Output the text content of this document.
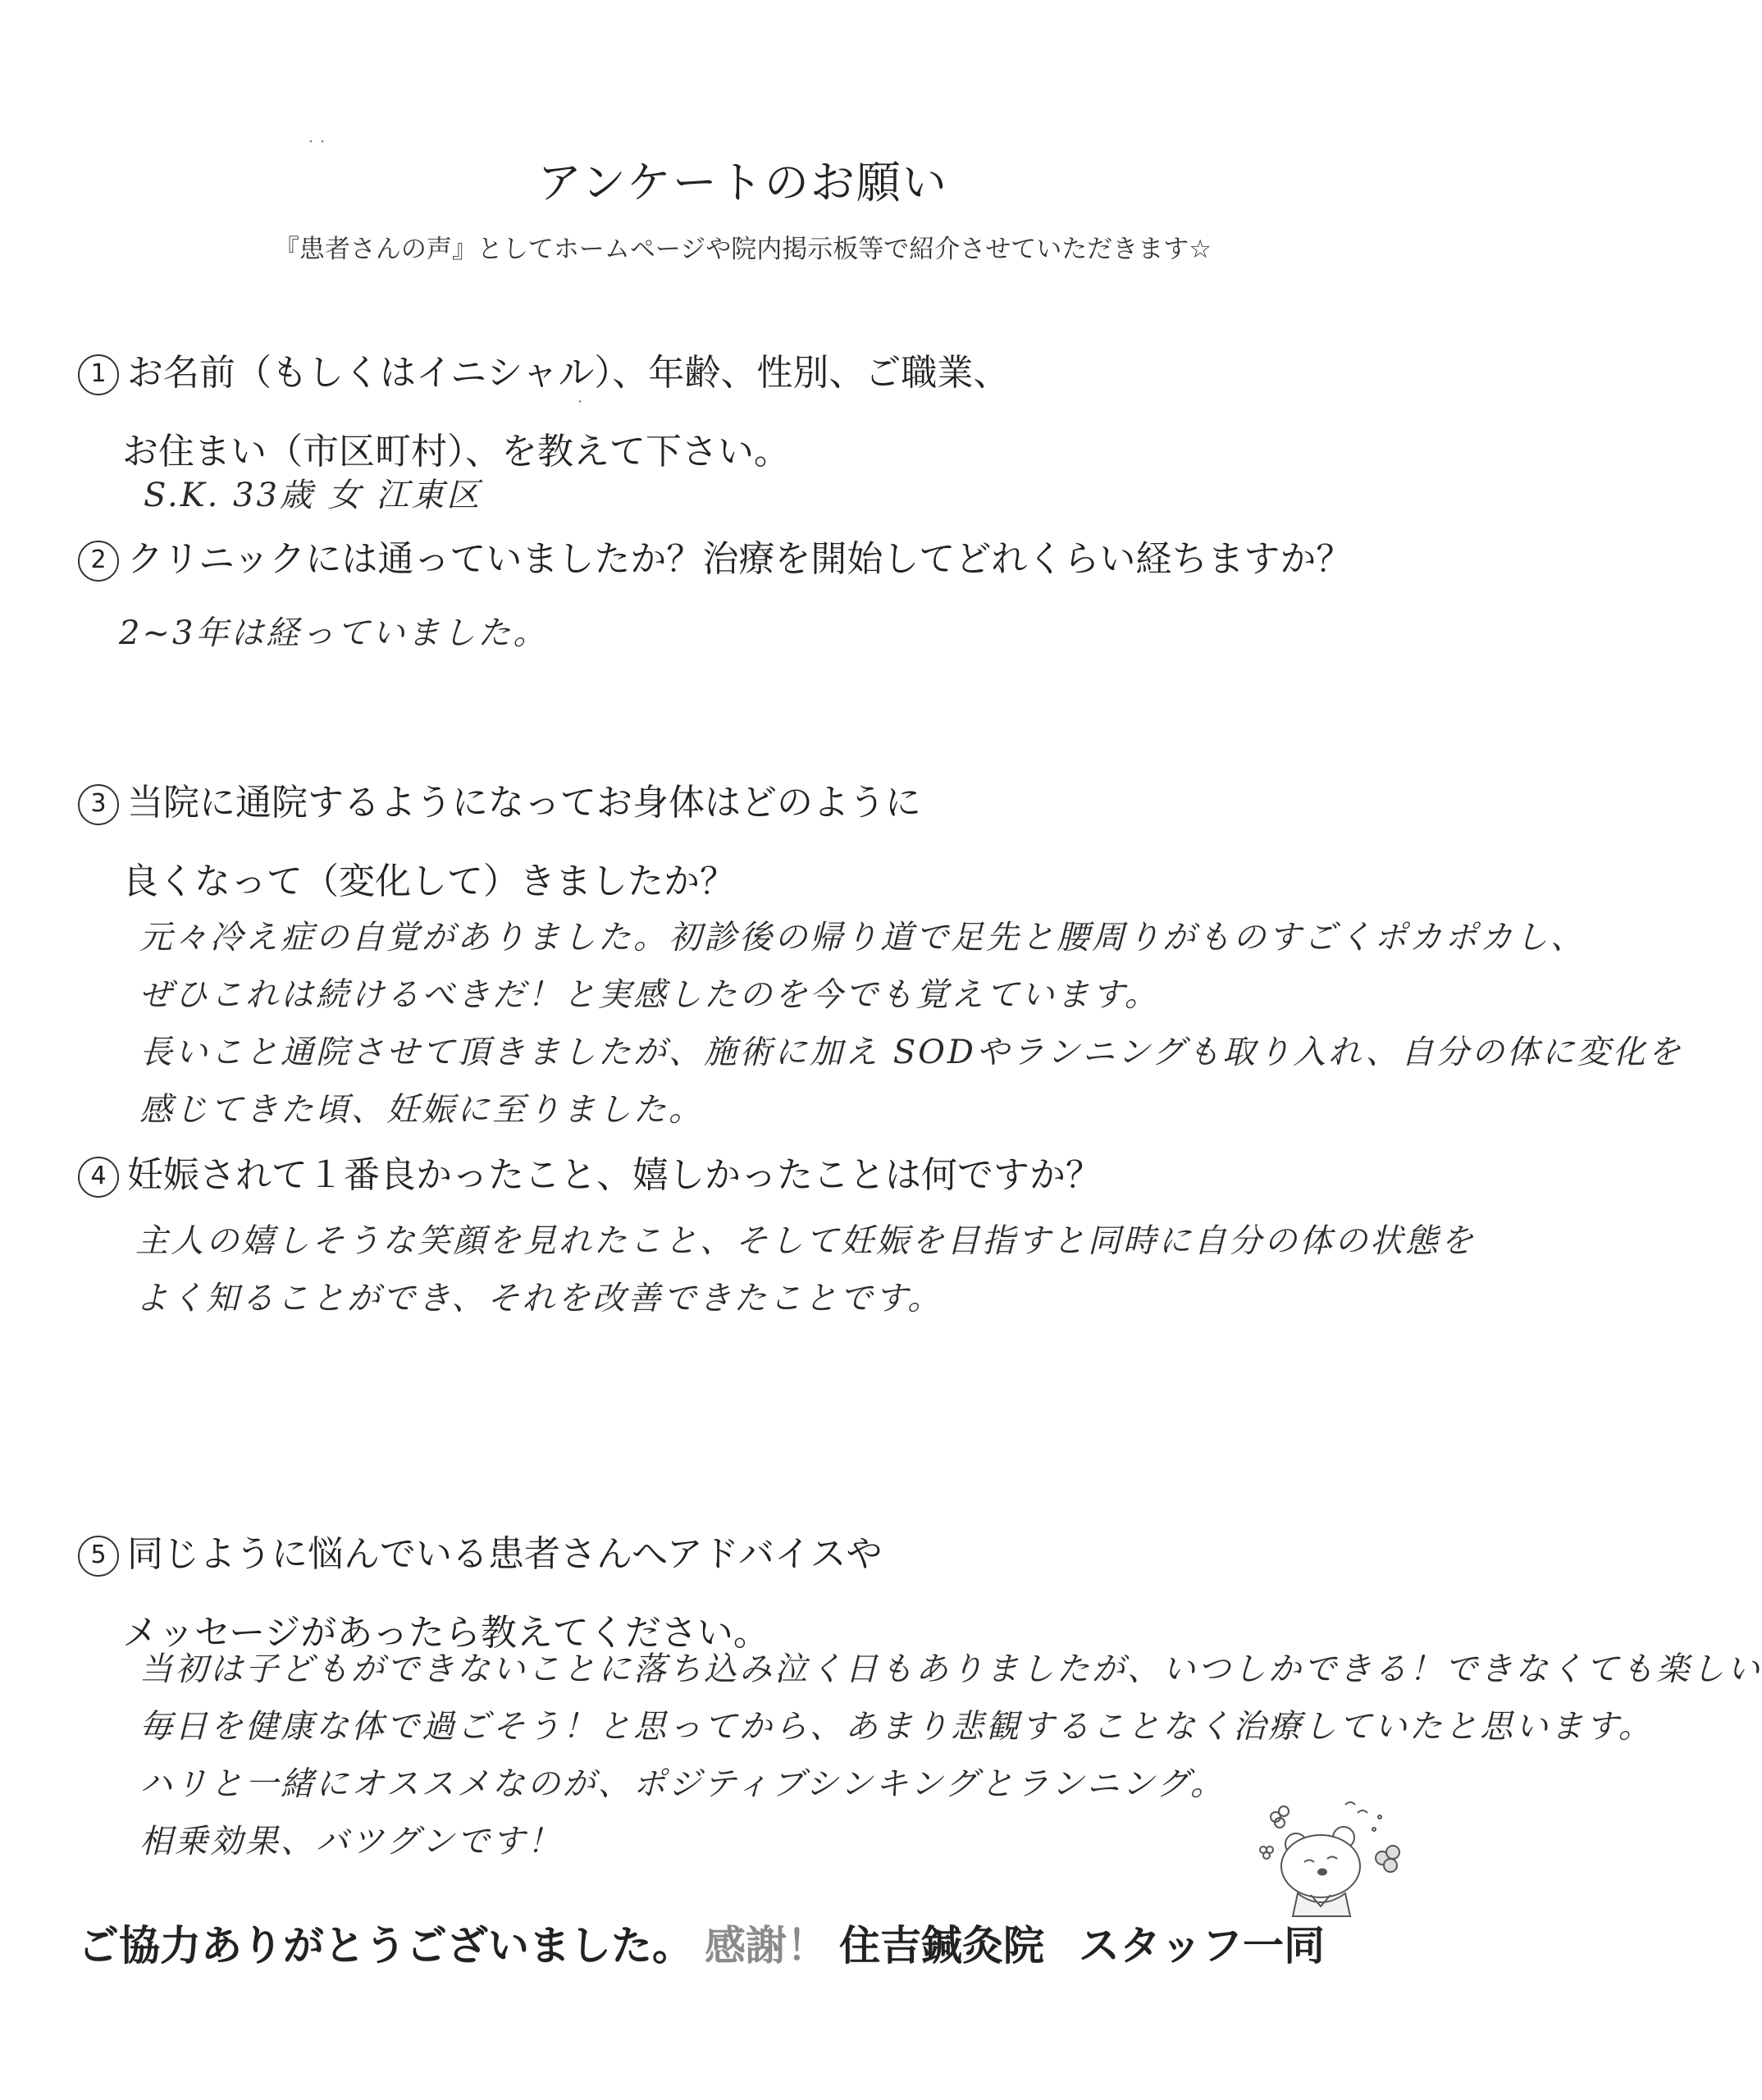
・・
・
アンケートのお願い
『患者さんの声』としてホームページや院内掲示板等で紹介させていただきます☆
1 お名前（もしくはイニシャル）、年齢、性別、ご職業、
お住まい（市区町村）、を教えて下さい。

S.K. 33歳 女 江東区

2 クリニックには通っていましたか？治療を開始してどれくらい経ちますか？

2~3年は経っていました。

3 当院に通院するようになってお身体はどのように
良くなって（変化して）きましたか？

元々冷え症の自覚がありました。初診後の帰り道で足先と腰周りがものすごくポカポカし、

ぜひこれは続けるべきだ！と実感したのを今でも覚えています。

長いこと通院させて頂きましたが、施術に加え SODやランニングも取り入れ、自分の体に変化を

感じてきた頃、妊娠に至りました。

4 妊娠されて１番良かったこと、嬉しかったことは何ですか？

主人の嬉しそうな笑顔を見れたこと、そして妊娠を目指すと同時に自分の体の状態を

よく知ることができ、それを改善できたことです。

5 同じように悩んでいる患者さんへアドバイスや
メッセージがあったら教えてください。

当初は子どもができないことに落ち込み泣く日もありましたが、いつしかできる！できなくても楽しい

毎日を健康な体で過ごそう！と思ってから、あまり悲観することなく治療していたと思います。

ハリと一緒にオススメなのが、ポジティブシンキングとランニング。

相乗効果、バツグンです！

ご協力ありがとうございました。 感謝！ 住吉鍼灸院 スタッフ一同
